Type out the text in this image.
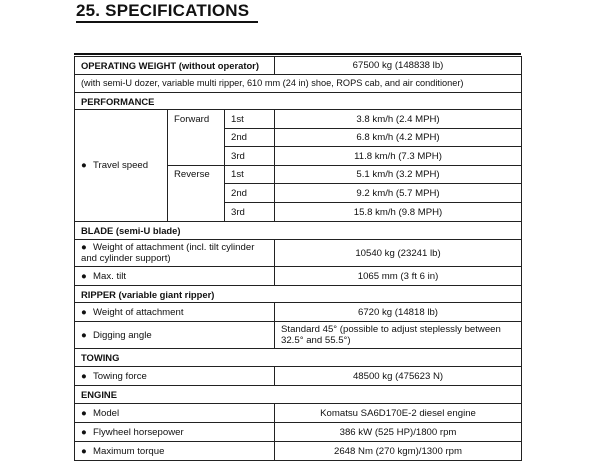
25. SPECIFICATIONS
OPERATING WEIGHT (without operator)			67500 kg (148838 lb)
(with semi-U dozer, variable multi ripper, 610 mm (24 in) shoe, ROPS cab, and air conditioner)			
PERFORMANCE			
● Travel speed	Forward	1st	3.8 km/h (2.4 MPH)
		2nd	6.8 km/h (4.2 MPH)
		3rd	11.8 km/h (7.3 MPH)
	Reverse	1st	5.1 km/h (3.2 MPH)
		2nd	9.2 km/h (5.7 MPH)
		3rd	15.8 km/h (9.8 MPH)
BLADE (semi-U blade)			
● Weight of attachment (incl. tilt cylinder and cylinder support)			10540 kg (23241 lb)
● Max. tilt			1065 mm (3 ft 6 in)
RIPPER (variable giant ripper)			
● Weight of attachment			6720 kg (14818 lb)
● Digging angle			Standard 45° (possible to adjust steplessly between 32.5° and 55.5°)
TOWING			
● Towing force			48500 kg (475623 N)
ENGINE			
● Model			Komatsu SA6D170E-2 diesel engine
● Flywheel horsepower			386 kW (525 HP)/1800 rpm
● Maximum torque			2648 Nm (270 kgm)/1300 rpm
